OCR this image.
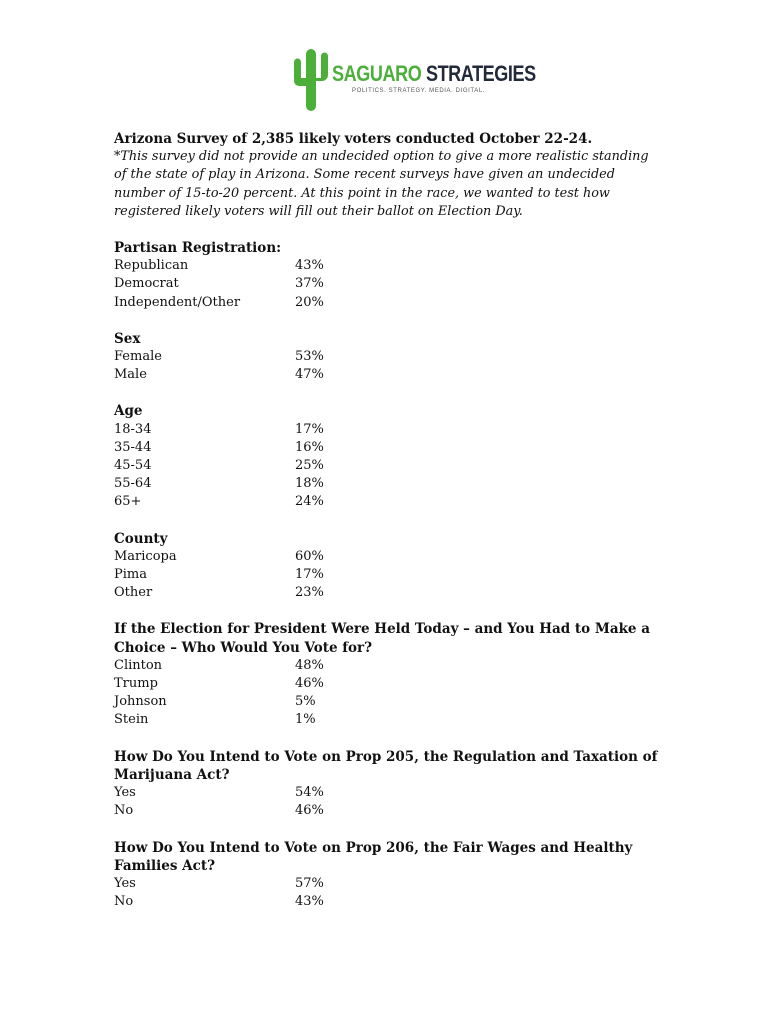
SAGUARO STRATEGIES
POLITICS. STRATEGY. MEDIA. DIGITAL.
Arizona Survey of 2,385 likely voters conducted October 22-24.
*This survey did not provide an undecided option to give a more realistic standing of the state of play in Arizona. Some recent surveys have given an undecided number of 15-to-20 percent. At this point in the race, we wanted to test how registered likely voters will fill out their ballot on Election Day.
Partisan Registration:
Republican	43%
Democrat	37%
Independent/Other	20%
Sex
Female	53%
Male	47%
Age
18-34	17%
35-44	16%
45-54	25%
55-64	18%
65+	24%
County
Maricopa	60%
Pima	17%
Other	23%
If the Election for President Were Held Today – and You Had to Make a Choice – Who Would You Vote for?
Clinton	48%
Trump	46%
Johnson	5%
Stein	1%
How Do You Intend to Vote on Prop 205, the Regulation and Taxation of Marijuana Act?
Yes	54%
No	46%
How Do You Intend to Vote on Prop 206, the Fair Wages and Healthy Families Act?
Yes	57%
No	43%
